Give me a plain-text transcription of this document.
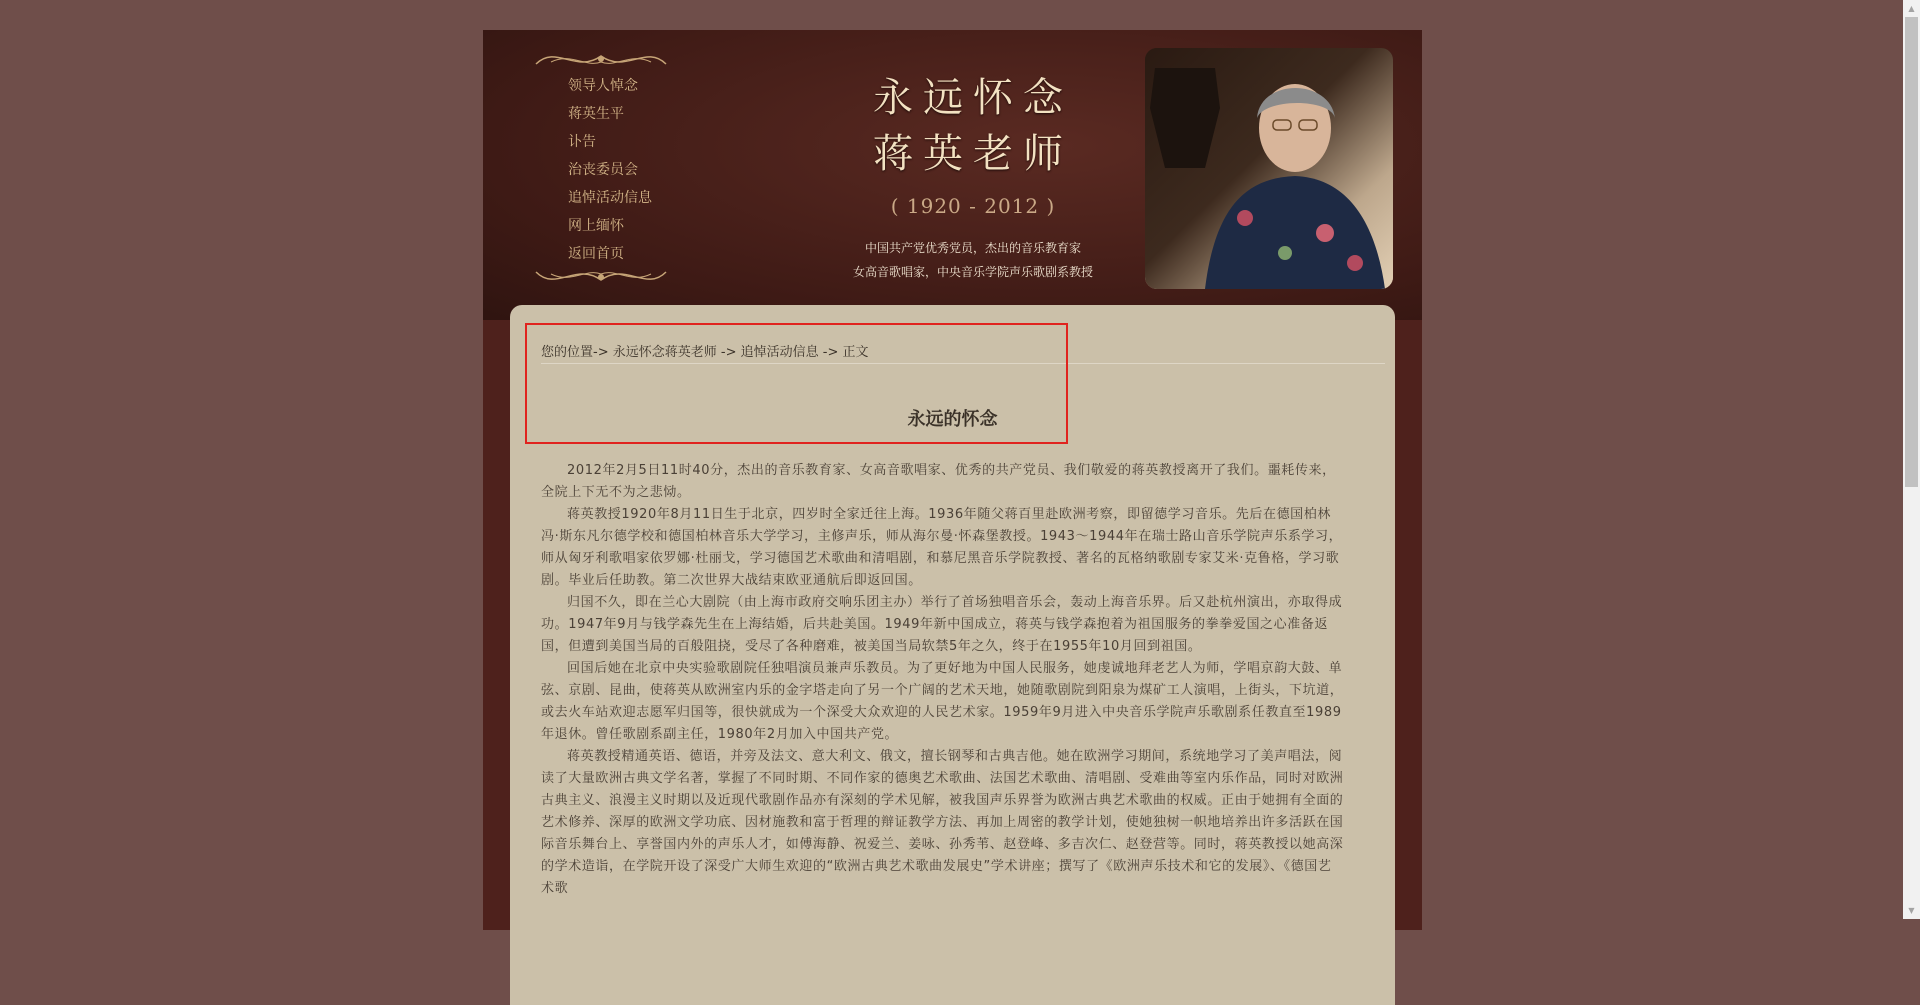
领导人悼念
蒋英生平
讣告
治丧委员会
追悼活动信息
网上缅怀
返回首页
永远怀念
蒋英老师
( 1920 - 2012 )
中国共产党优秀党员，杰出的音乐教育家
女高音歌唱家，中央音乐学院声乐歌剧系教授
您的位置-> 永远怀念蒋英老师 -> 追悼活动信息 -> 正文
永远的怀念

2012年2月5日11时40分，杰出的音乐教育家、女高音歌唱家、优秀的共产党员、我们敬爱的蒋英教授离开了我们。噩耗传来，全院上下无不为之悲恸。

蒋英教授1920年8月11日生于北京，四岁时全家迁往上海。1936年随父蒋百里赴欧洲考察，即留德学习音乐。先后在德国柏林冯·斯东凡尔德学校和德国柏林音乐大学学习，主修声乐，师从海尔曼·怀森堡教授。1943～1944年在瑞士路山音乐学院声乐系学习，师从匈牙利歌唱家依罗娜·杜丽戈，学习德国艺术歌曲和清唱剧，和慕尼黑音乐学院教授、著名的瓦格纳歌剧专家艾米·克鲁格，学习歌剧。毕业后任助教。第二次世界大战结束欧亚通航后即返回国。

归国不久，即在兰心大剧院（由上海市政府交响乐团主办）举行了首场独唱音乐会，轰动上海音乐界。后又赴杭州演出，亦取得成功。1947年9月与钱学森先生在上海结婚，后共赴美国。1949年新中国成立，蒋英与钱学森抱着为祖国服务的拳拳爱国之心准备返国，但遭到美国当局的百般阻挠，受尽了各种磨难，被美国当局软禁5年之久，终于在1955年10月回到祖国。

回国后她在北京中央实验歌剧院任独唱演员兼声乐教员。为了更好地为中国人民服务，她虔诚地拜老艺人为师，学唱京韵大鼓、单弦、京剧、昆曲，使蒋英从欧洲室内乐的金字塔走向了另一个广阔的艺术天地，她随歌剧院到阳泉为煤矿工人演唱，上街头，下坑道，或去火车站欢迎志愿军归国等，很快就成为一个深受大众欢迎的人民艺术家。1959年9月进入中央音乐学院声乐歌剧系任教直至1989年退休。曾任歌剧系副主任，1980年2月加入中国共产党。

蒋英教授精通英语、德语，并旁及法文、意大利文、俄文，擅长钢琴和古典吉他。她在欧洲学习期间，系统地学习了美声唱法，阅读了大量欧洲古典文学名著，掌握了不同时期、不同作家的德奥艺术歌曲、法国艺术歌曲、清唱剧、受难曲等室内乐作品，同时对欧洲古典主义、浪漫主义时期以及近现代歌剧作品亦有深刻的学术见解，被我国声乐界誉为欧洲古典艺术歌曲的权威。正由于她拥有全面的艺术修养、深厚的欧洲文学功底、因材施教和富于哲理的辩证教学方法、再加上周密的教学计划，使她独树一帜地培养出许多活跃在国际音乐舞台上、享誉国内外的声乐人才，如傅海静、祝爱兰、姜咏、孙秀苇、赵登峰、多吉次仁、赵登营等。同时，蒋英教授以她高深的学术造诣，在学院开设了深受广大师生欢迎的“欧洲古典艺术歌曲发展史”学术讲座；撰写了《欧洲声乐技术和它的发展》、《德国艺术歌

▲
▼
